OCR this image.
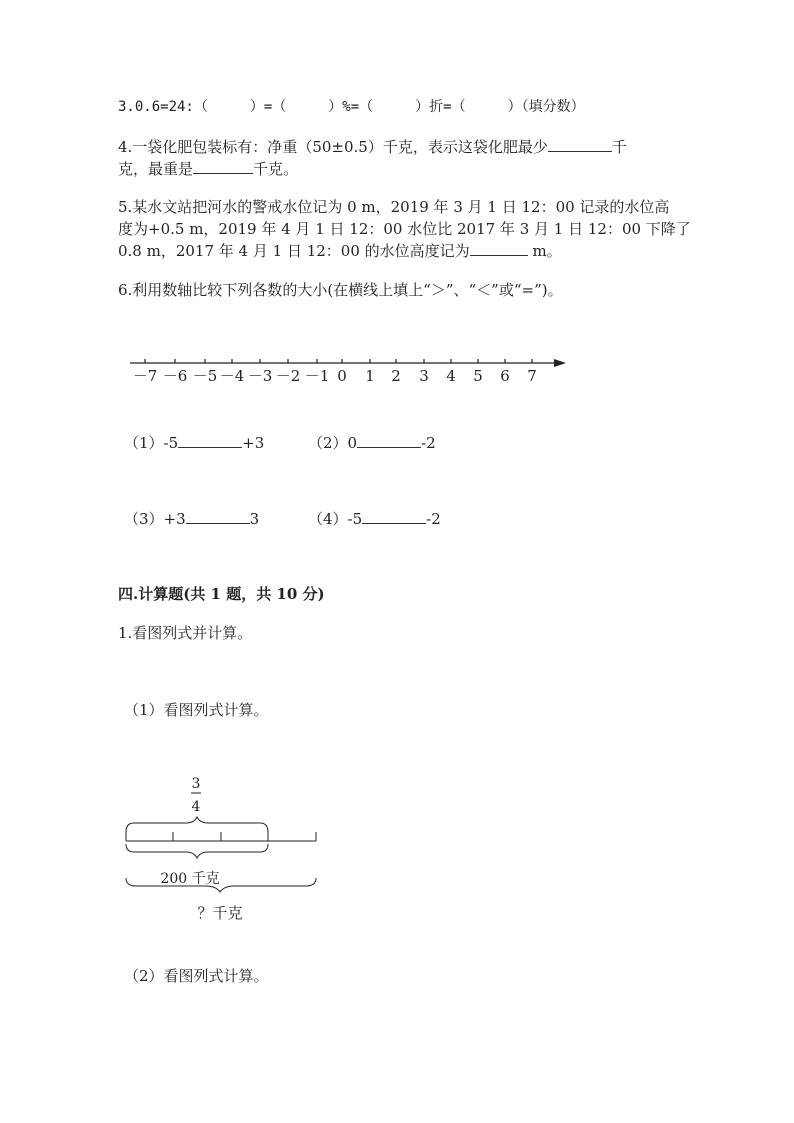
3.0.6=24:（　　　）=（　　　）%=（　　　）折=（　　　）（填分数）
4.一袋化肥包装标有：净重（50±0.5）千克，表示这袋化肥最少	千
克，最重是	千克。
5.某水文站把河水的警戒水位记为 0 m，2019 年 3 月 1 日 12：00 记录的水位高
度为+0.5 m，2019 年 4 月 1 日 12：00 水位比 2017 年 3 月 1 日 12：00 下降了
0.8 m，2017 年 4 月 1 日 12：00 的水位高度记为	m。
6.利用数轴比较下列各数的大小(在横线上填上“＞”、“＜”或“=”)。
－7 －6 －5 －4 －3 －2 －1 0 1 2 3 4 5 6 7
（1）-5	+3	（2）0	-2
（3）+3	3	（4）-5	-2
四.计算题(共 1 题，共 10 分)
1.看图列式并计算。
（1）看图列式计算。
3
4
200 千克
？千克
（2）看图列式计算。
